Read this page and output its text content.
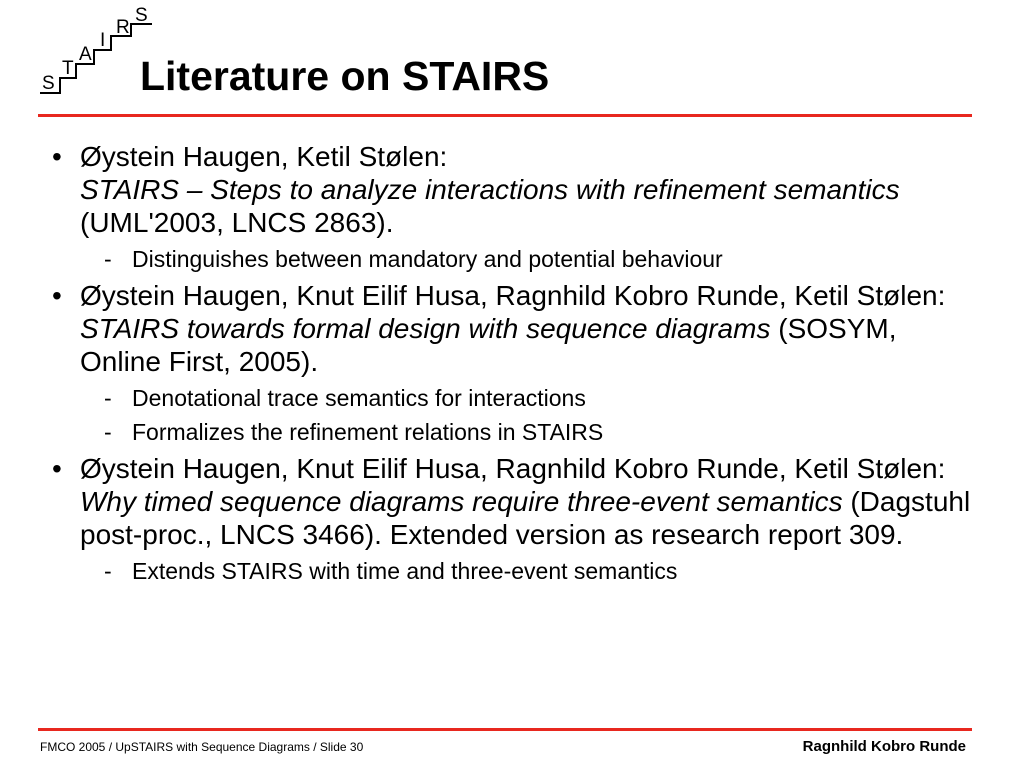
S
T
A
I
R
S
Literature on STAIRS
• Øystein Haugen, Ketil Stølen:
STAIRS – Steps to analyze interactions with refinement semantics (UML'2003, LNCS 2863).
- Distinguishes between mandatory and potential behaviour
• Øystein Haugen, Knut Eilif Husa, Ragnhild Kobro Runde, Ketil Stølen:
STAIRS towards formal design with sequence diagrams (SOSYM, Online First, 2005).
- Denotational trace semantics for interactions
- Formalizes the refinement relations in STAIRS
• Øystein Haugen, Knut Eilif Husa, Ragnhild Kobro Runde, Ketil Stølen: Why timed sequence diagrams require three-event semantics (Dagstuhl post-proc., LNCS 3466). Extended version as research report 309.
- Extends STAIRS with time and three-event semantics
FMCO 2005 / UpSTAIRS with Sequence Diagrams / Slide 30	Ragnhild Kobro Runde
